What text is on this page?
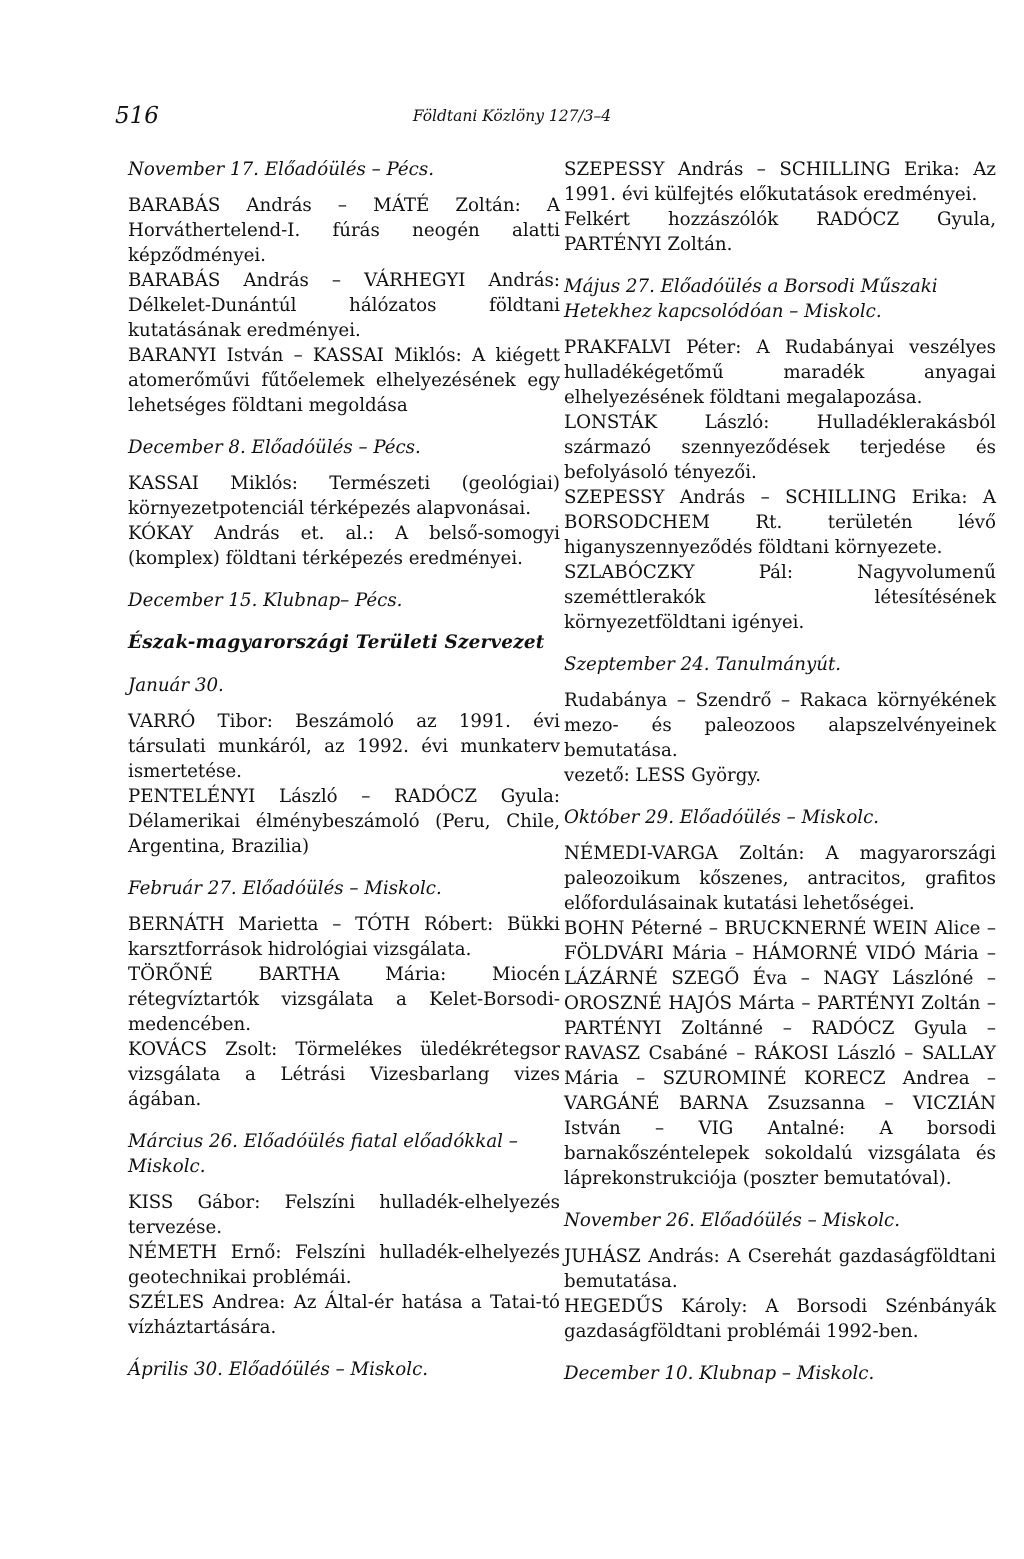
516	Földtani Közlöny 127/3–4

November 17. Előadóülés – Pécs.

BARABÁS András – MÁTÉ Zoltán: A Horváthertelend-I. fúrás neogén alatti képződményei.

BARABÁS András – VÁRHEGYI András: Délkelet-Dunántúl hálózatos földtani kutatásának eredményei.

BARANYI István – KASSAI Miklós: A kiégett atomerőművi fűtőelemek elhelyezésének egy lehetséges földtani megoldása

December 8. Előadóülés – Pécs.

KASSAI Miklós: Természeti (geológiai) környezetpotenciál térképezés alapvonásai.

KÓKAY András et. al.: A belső-somogyi (komplex) földtani térképezés eredményei.

December 15. Klubnap– Pécs.

Észak-magyarországi Területi Szervezet

Január 30.

VARRÓ Tibor: Beszámoló az 1991. évi társulati munkáról, az 1992. évi munkaterv ismertetése.

PENTELÉNYI László – RADÓCZ Gyula: Délamerikai élménybeszámoló (Peru, Chile, Argentina, Brazilia)

Február 27. Előadóülés – Miskolc.

BERNÁTH Marietta – TÓTH Róbert: Bükki karsztforrások hidrológiai vizsgálata.

TÖRŐNÉ BARTHA Mária: Miocén rétegvíztartók vizsgálata a Kelet-Borsodi-medencében.

KOVÁCS Zsolt: Törmelékes üledékrétegsor vizsgálata a Létrási Vizesbarlang vizes ágában.

Március 26. Előadóülés fiatal előadókkal – Miskolc.

KISS Gábor: Felszíni hulladék-elhelyezés tervezése.

NÉMETH Ernő: Felszíni hulladék-elhelyezés geotechnikai problémái.

SZÉLES Andrea: Az Által-ér hatása a Tatai-tó vízháztartására.

Április 30. Előadóülés – Miskolc.

SZEPESSY András – SCHILLING Erika: Az 1991. évi külfejtés előkutatások eredményei.

Felkért hozzászólók RADÓCZ Gyula, PARTÉNYI Zoltán.

Május 27. Előadóülés a Borsodi Műszaki Hetekhez kapcsolódóan – Miskolc.

PRAKFALVI Péter: A Rudabányai veszélyes hulladékégetőmű maradék anyagai elhelyezésének földtani megalapozása.

LONSTÁK László: Hulladéklerakásból származó szennyeződések terjedése és befolyásoló tényezői.

SZEPESSY András – SCHILLING Erika: A BORSODCHEM Rt. területén lévő higanyszennyeződés földtani környezete.

SZLABÓCZKY Pál: Nagyvolumenű szeméttlerakók létesítésének környezetföldtani igényei.

Szeptember 24. Tanulmányút.

Rudabánya – Szendrő – Rakaca környékének mezo- és paleozoos alapszelvényeinek bemutatása.

vezető: LESS György.

Október 29. Előadóülés – Miskolc.

NÉMEDI-VARGA Zoltán: A magyarországi paleozoikum kőszenes, antracitos, grafitos előfordulásainak kutatási lehetőségei.

BOHN Péterné – BRUCKNERNÉ WEIN Alice – FÖLDVÁRI Mária – HÁMORNÉ VIDÓ Mária – LÁZÁRNÉ SZEGŐ Éva – NAGY Lászlóné – OROSZNÉ HAJÓS Márta – PARTÉNYI Zoltán – PARTÉNYI Zoltánné – RADÓCZ Gyula – RAVASZ Csabáné – RÁKOSI László – SALLAY Mária – SZUROMINÉ KORECZ Andrea – VARGÁNÉ BARNA Zsuzsanna – VICZIÁN István – VIG Antalné: A borsodi barnakőszéntelepek sokoldalú vizsgálata és láprekonstrukciója (poszter bemutatóval).

November 26. Előadóülés – Miskolc.

JUHÁSZ András: A Cserehát gazdaságföldtani bemutatása.

HEGEDŰS Károly: A Borsodi Szénbányák gazdaságföldtani problémái 1992-ben.

December 10. Klubnap – Miskolc.
